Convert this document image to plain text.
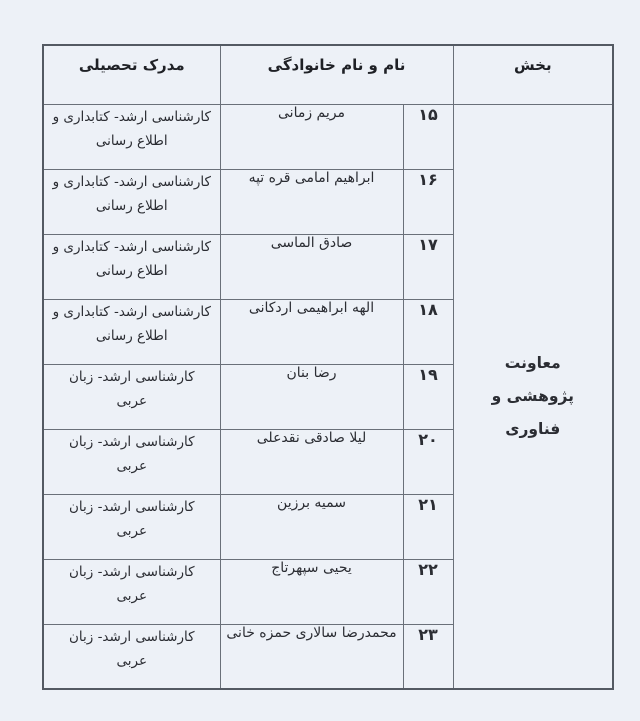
بخش	نام و نام خانوادگی		مدرک تحصیلی
معاونت پژوهشی و فناوری	۱۵	مریم زمانی	کارشناسی ارشد- کتابداری و اطلاع رسانی
	۱۶	ابراهیم امامی قره تپه	کارشناسی ارشد- کتابداری و اطلاع رسانی
	۱۷	صادق الماسی	کارشناسی ارشد- کتابداری و اطلاع رسانی
	۱۸	الهه ابراهیمی اردکانی	کارشناسی ارشد- کتابداری و اطلاع رسانی
	۱۹	رضا بنان	کارشناسی ارشد- زبان عربی
	۲۰	لیلا صادقی نقدعلی	کارشناسی ارشد- زبان عربی
	۲۱	سمیه برزین	کارشناسی ارشد- زبان عربی
	۲۲	یحیی سپهرتاج	کارشناسی ارشد- زبان عربی
	۲۳	محمدرضا سالاری حمزه خانی	کارشناسی ارشد- زبان عربی
